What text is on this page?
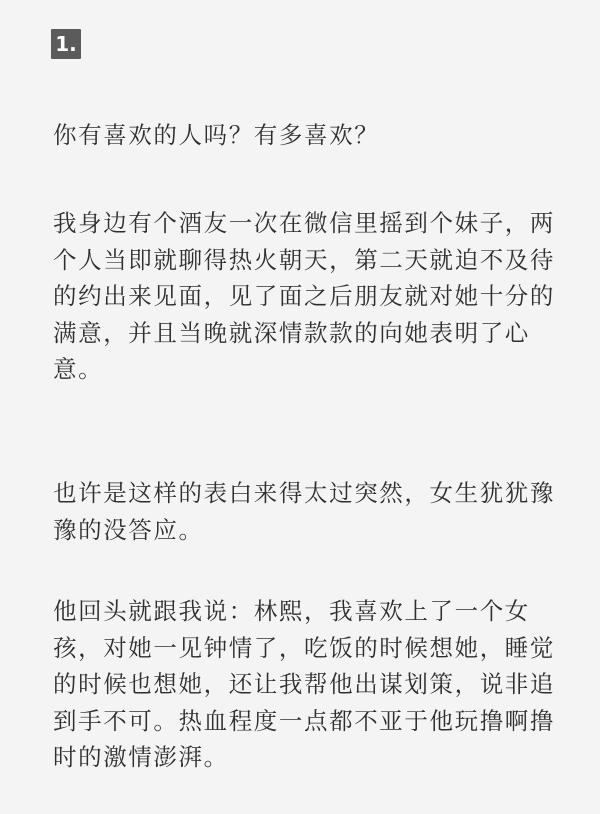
1.

你有喜欢的人吗？有多喜欢？

我身边有个酒友一次在微信里摇到个妹子，两个人当即就聊得热火朝天，第二天就迫不及待的约出来见面，见了面之后朋友就对她十分的满意，并且当晚就深情款款的向她表明了心意。

也许是这样的表白来得太过突然，女生犹犹豫豫的没答应。

他回头就跟我说：林熙，我喜欢上了一个女孩，对她一见钟情了，吃饭的时候想她，睡觉的时候也想她，还让我帮他出谋划策，说非追到手不可。热血程度一点都不亚于他玩撸啊撸时的激情澎湃。
